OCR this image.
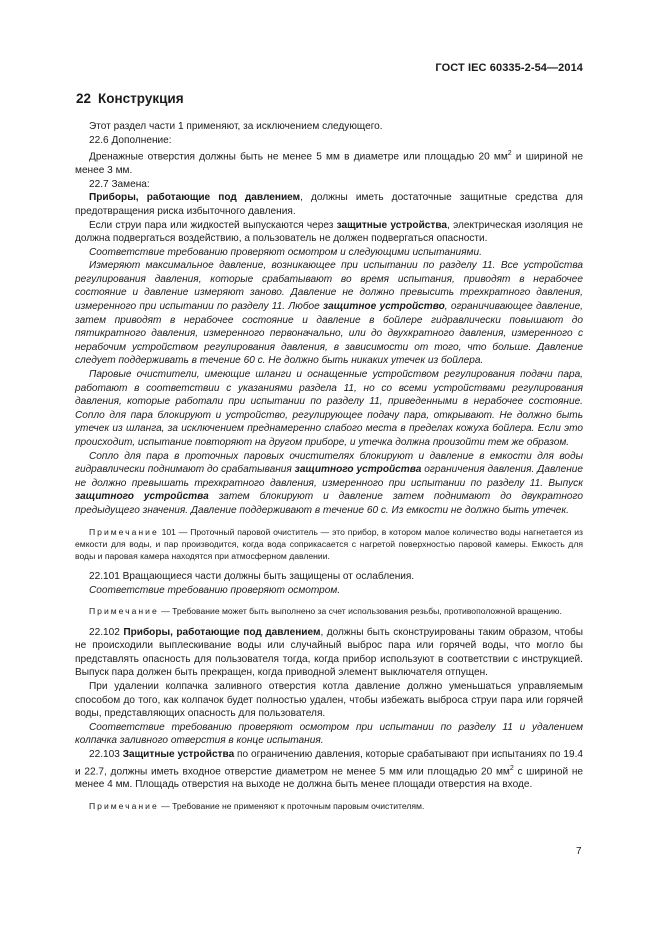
ГОСТ IEC 60335-2-54—2014
22 Конструкция

Этот раздел части 1 применяют, за исключением следующего.

22.6 Дополнение:

Дренажные отверстия должны быть не менее 5 мм в диаметре или площадью 20 $мм^2$ и шириной не менее 3 мм.

22.7 Замена:

Приборы, работающие под давлением, должны иметь достаточные защитные средства для предотвращения риска избыточного давления.

Если струи пара или жидкостей выпускаются через защитные устройства, электрическая изоляция не должна подвергаться воздействию, а пользователь не должен подвергаться опасности.

Соответствие требованию проверяют осмотром и следующими испытаниями.

Измеряют максимальное давление, возникающее при испытании по разделу 11. Все устройства регулирования давления, которые срабатывают во время испытания, приводят в нерабочее состояние и давление измеряют заново. Давление не должно превысить трехкратного давления, измеренного при испытании по разделу 11. Любое защитное устройство, ограничивающее давление, затем приводят в нерабочее состояние и давление в бойлере гидравлически повышают до пятикратного давления, измеренного первоначально, или до двухкратного давления, измеренного с нерабочим устройством регулирования давления, в зависимости от того, что больше. Давление следует поддерживать в течение 60 с. Не должно быть никаких утечек из бойлера.

Паровые очистители, имеющие шланги и оснащенные устройством регулирования подачи пара, работают в соответствии с указаниями раздела 11, но со всеми устройствами регулирования давления, которые работали при испытании по разделу 11, приведенными в нерабочее состояние. Сопло для пара блокируют и устройство, регулирующее подачу пара, открывают. Не должно быть утечек из шланга, за исключением преднамеренно слабого места в пределах кожуха бойлера. Если это происходит, испытание повторяют на другом приборе, и утечка должна произойти тем же образом.

Сопло для пара в проточных паровых очистителях блокируют и давление в емкости для воды гидравлически поднимают до срабатывания защитного устройства ограничения давления. Давление не должно превышать трехкратного давления, измеренного при испытании по разделу 11. Выпуск защитного устройства затем блокируют и давление затем поднимают до двукратного предыдущего значения. Давление поддерживают в течение 60 с. Из емкости не должно быть утечек.

Примечание 101 — Проточный паровой очиститель — это прибор, в котором малое количество воды нагнетается из емкости для воды, и пар производится, когда вода соприкасается с нагретой поверхностью паровой камеры. Емкость для воды и паровая камера находятся при атмосферном давлении.

22.101 Вращающиеся части должны быть защищены от ослабления.

Соответствие требованию проверяют осмотром.

Примечание — Требование может быть выполнено за счет использования резьбы, противоположной вращению.

22.102 Приборы, работающие под давлением, должны быть сконструированы таким образом, чтобы не происходили выплескивание воды или случайный выброс пара или горячей воды, что могло бы представлять опасность для пользователя тогда, когда прибор используют в соответствии с инструкцией. Выпуск пара должен быть прекращен, когда приводной элемент выключателя отпущен.

При удалении колпачка заливного отверстия котла давление должно уменьшаться управляемым способом до того, как колпачок будет полностью удален, чтобы избежать выброса струи пара или горячей воды, представляющих опасность для пользователя.

Соответствие требованию проверяют осмотром при испытании по разделу 11 и удалением колпачка заливного отверстия в конце испытания.

22.103 Защитные устройства по ограничению давления, которые срабатывают при испытаниях по 19.4 и 22.7, должны иметь входное отверстие диаметром не менее 5 мм или площадью 20 $мм^2$ с шириной не менее 4 мм. Площадь отверстия на выходе не должна быть менее площади отверстия на входе.

Примечание — Требование не применяют к проточным паровым очистителям.

7
